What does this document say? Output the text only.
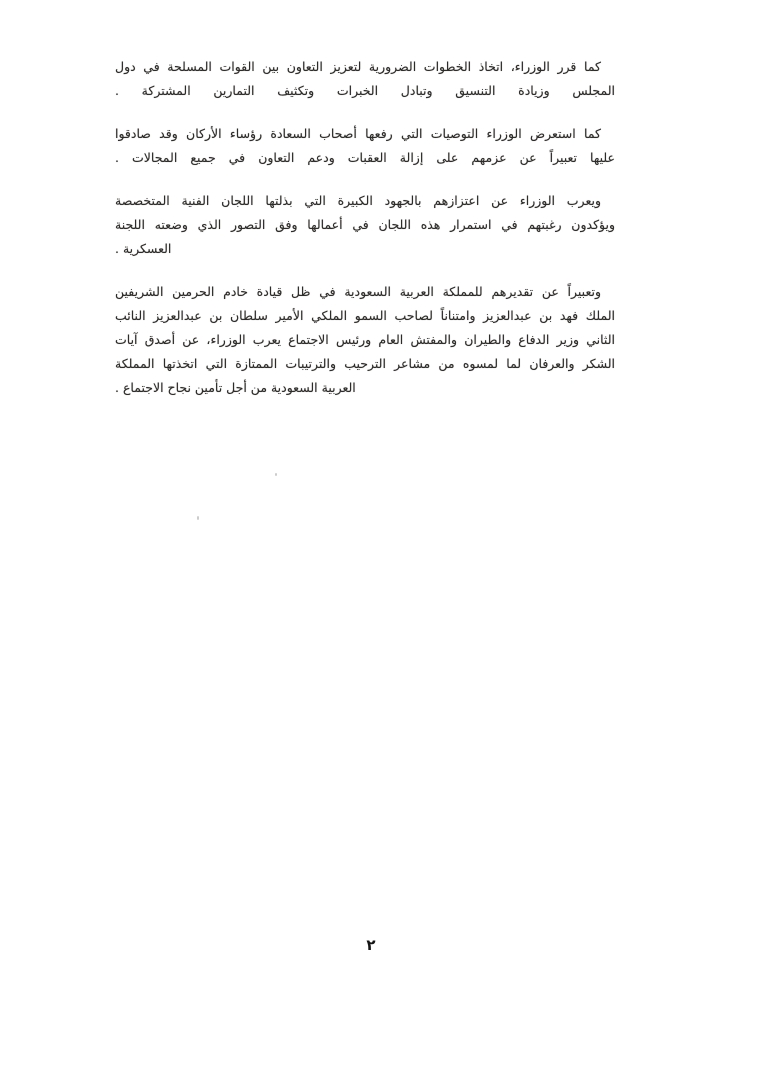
كما قرر الوزراء، اتخاذ الخطوات الضرورية لتعزيز التعاون بين القوات المسلحة في دول
المجلس وزيادة التنسيق وتبادل الخبرات وتكثيف التمارين المشتركة .
كما استعرض الوزراء التوصيات التي رفعها أصحاب السعادة رؤساء الأركان وقد صادقوا
عليها تعبيراً عن عزمهم على إزالة العقبات ودعم التعاون في جميع المجالات .
ويعرب الوزراء عن اعتزازهم بالجهود الكبيرة التي بذلتها اللجان الفنية المتخصصة
ويؤكدون رغبتهم في استمرار هذه اللجان في أعمالها وفق التصور الذي وضعته اللجنة
العسكرية .
وتعبيراً عن تقديرهم للمملكة العربية السعودية في ظل قيادة خادم الحرمين الشريفين
الملك فهد بن عبدالعزيز وامتناناً لصاحب السمو الملكي الأمير سلطان بن عبدالعزيز النائب
الثاني وزير الدفاع والطيران والمفتش العام ورئيس الاجتماع يعرب الوزراء، عن أصدق آيات
الشكر والعرفان لما لمسوه من مشاعر الترحيب والترتيبات الممتازة التي اتخذتها المملكة
العربية السعودية من أجل تأمين نجاح الاجتماع .
٢
